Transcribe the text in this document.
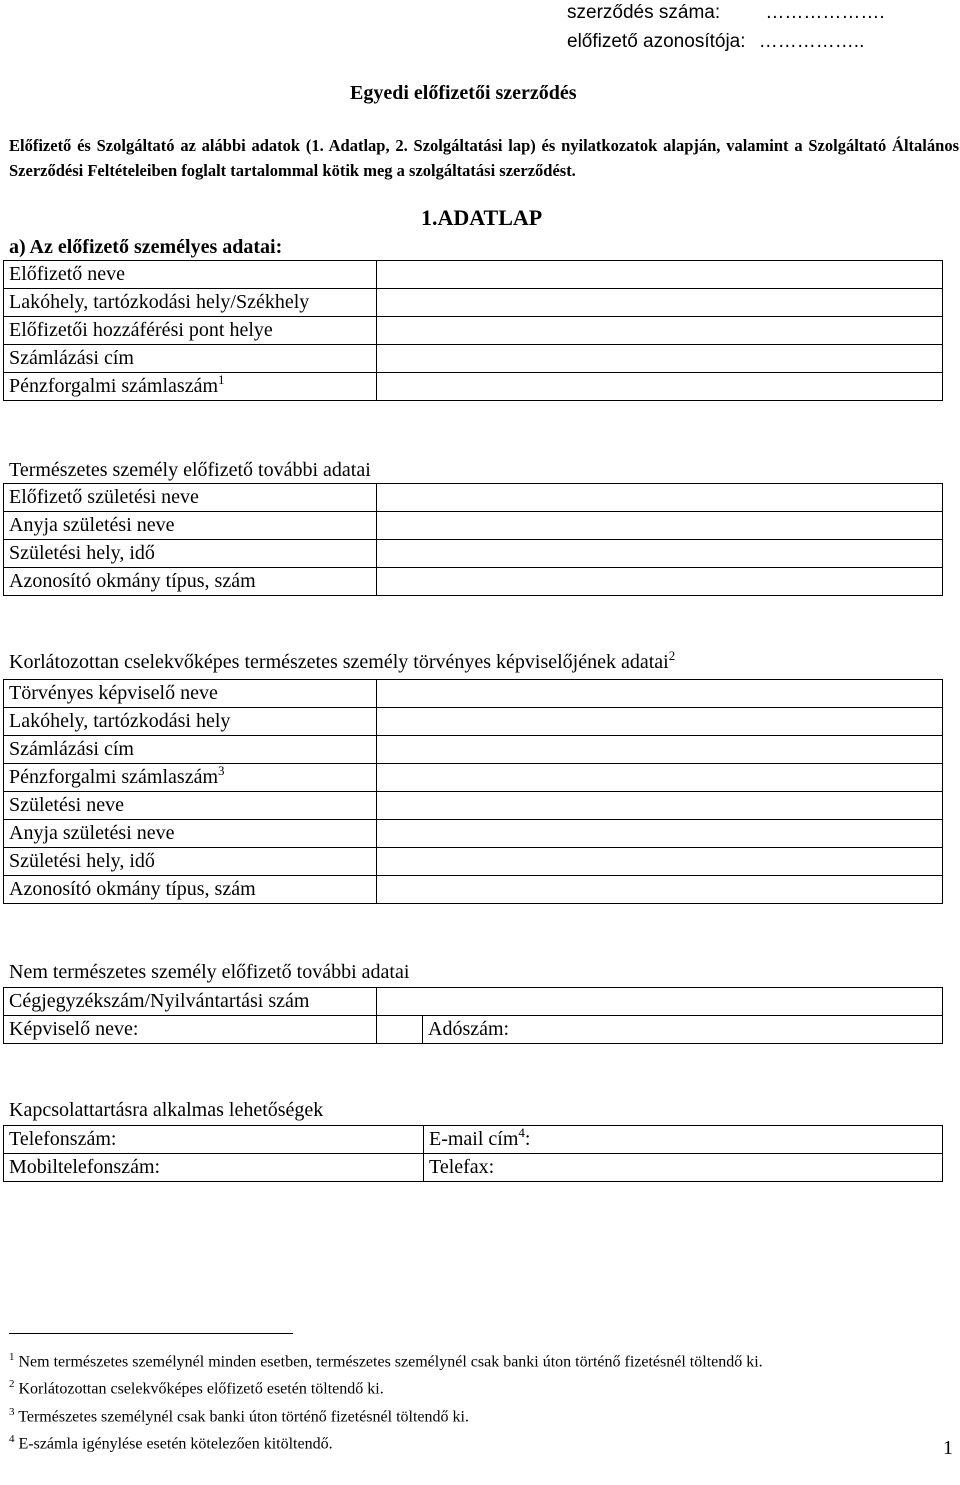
szerződés száma: ……………….
előfizető azonosítója: ……………..
Egyedi előfizetői szerződés
Előfizető és Szolgáltató az alábbi adatok (1. Adatlap, 2. Szolgáltatási lap) és nyilatkozatok alapján, valamint a Szolgáltató Általános Szerződési Feltételeiben foglalt tartalommal kötik meg a szolgáltatási szerződést.
1.ADATLAP
a) Az előfizető személyes adatai:
Előfizető neve	
Lakóhely, tartózkodási hely/Székhely	
Előfizetői hozzáférési pont helye	
Számlázási cím	
Pénzforgalmi számlaszám$^1$	
Természetes személy előfizető további adatai
Előfizető születési neve	
Anyja születési neve	
Születési hely, idő	
Azonosító okmány típus, szám	
Korlátozottan cselekvőképes természetes személy törvényes képviselőjének adatai$^2$
Törvényes képviselő neve	
Lakóhely, tartózkodási hely	
Számlázási cím	
Pénzforgalmi számlaszám$^3$	
Születési neve	
Anyja születési neve	
Születési hely, idő	
Azonosító okmány típus, szám	
Nem természetes személy előfizető további adatai
Cégjegyzékszám/Nyilvántartási szám		
Képviselő neve:		Adószám:
Kapcsolattartásra alkalmas lehetőségek
Telefonszám:	E-mail cím$^4$:
Mobiltelefonszám:	Telefax:
$^1$ Nem természetes személynél minden esetben, természetes személynél csak banki úton történő fizetésnél töltendő ki.
$^2$ Korlátozottan cselekvőképes előfizető esetén töltendő ki.
$^3$ Természetes személynél csak banki úton történő fizetésnél töltendő ki.
$^4$ E-számla igénylése esetén kötelezően kitöltendő.	1
